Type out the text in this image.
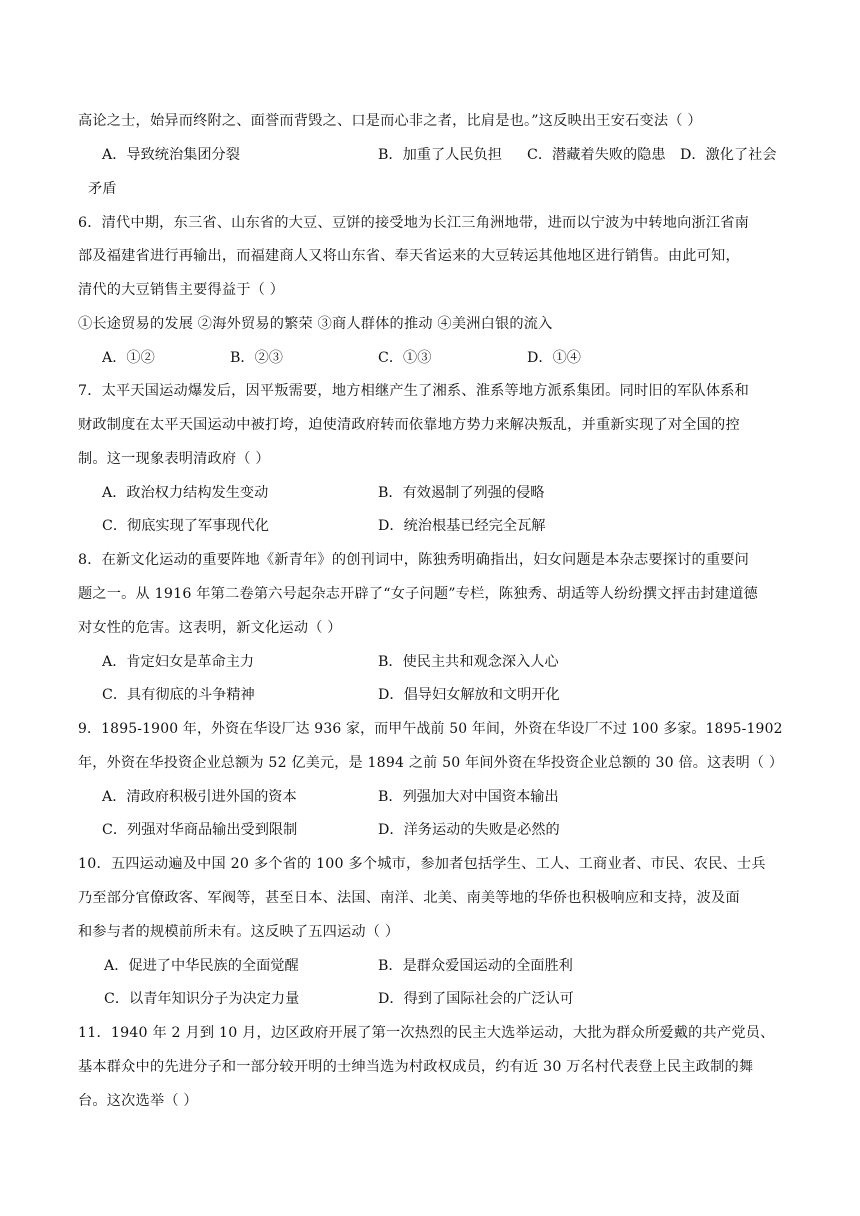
高论之士，始异而终附之、面誉而背毁之、口是而心非之者，比肩是也。”这反映出王安石变法（ ）
A．导致统治集团分裂	B．加重了人民负担 C．潜藏着失败的隐患 D．激化了社会
矛盾
6．清代中期，东三省、山东省的大豆、豆饼的接受地为长江三角洲地带，进而以宁波为中转地向浙江省南
部及福建省进行再输出，而福建商人又将山东省、奉天省运来的大豆转运其他地区进行销售。由此可知，
清代的大豆销售主要得益于（ ）
①长途贸易的发展 ②海外贸易的繁荣 ③商人群体的推动 ④美洲白银的流入
A．①②	B．②③	C．①③	D．①④
7．太平天国运动爆发后，因平叛需要，地方相继产生了湘系、淮系等地方派系集团。同时旧的军队体系和
财政制度在太平天国运动中被打垮，迫使清政府转而依靠地方势力来解决叛乱，并重新实现了对全国的控
制。这一现象表明清政府（ ）
A．政治权力结构发生变动	B．有效遏制了列强的侵略
C．彻底实现了军事现代化	D．统治根基已经完全瓦解
8．在新文化运动的重要阵地《新青年》的创刊词中，陈独秀明确指出，妇女问题是本杂志要探讨的重要问
题之一。从 1916 年第二卷第六号起杂志开辟了“女子问题”专栏，陈独秀、胡适等人纷纷撰文抨击封建道德
对女性的危害。这表明，新文化运动（ ）
A．肯定妇女是革命主力	B．使民主共和观念深入人心
C．具有彻底的斗争精神	D．倡导妇女解放和文明开化
9．1895-1900 年，外资在华设厂达 936 家，而甲午战前 50 年间，外资在华设厂不过 100 多家。1895-1902
年，外资在华投资企业总额为 52 亿美元，是 1894 之前 50 年间外资在华投资企业总额的 30 倍。这表明（ ）
A．清政府积极引进外国的资本	B．列强加大对中国资本输出
C．列强对华商品输出受到限制	D．洋务运动的失败是必然的
10．五四运动遍及中国 20 多个省的 100 多个城市，参加者包括学生、工人、工商业者、市民、农民、士兵
乃至部分官僚政客、军阀等，甚至日本、法国、南洋、北美、南美等地的华侨也积极响应和支持，波及面
和参与者的规模前所未有。这反映了五四运动（ ）
A．促进了中华民族的全面觉醒	B．是群众爱国运动的全面胜利
C．以青年知识分子为决定力量	D．得到了国际社会的广泛认可
11．1940 年 2 月到 10 月，边区政府开展了第一次热烈的民主大选举运动，大批为群众所爱戴的共产党员、
基本群众中的先进分子和一部分较开明的士绅当选为村政权成员，约有近 30 万名村代表登上民主政制的舞
台。这次选举（ ）
